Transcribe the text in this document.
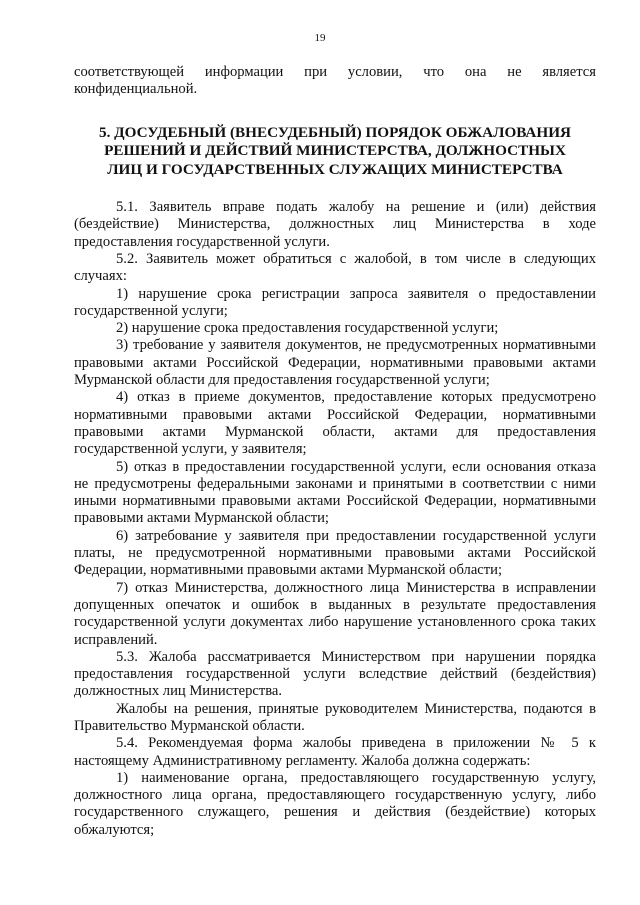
19

соответствующей информации при условии, что она не является конфиденциальной.

5. ДОСУДЕБНЫЙ (ВНЕСУДЕБНЫЙ) ПОРЯДОК ОБЖАЛОВАНИЯ
РЕШЕНИЙ И ДЕЙСТВИЙ МИНИСТЕРСТВА, ДОЛЖНОСТНЫХ
ЛИЦ И ГОСУДАРСТВЕННЫХ СЛУЖАЩИХ МИНИСТЕРСТВА

5.1. Заявитель вправе подать жалобу на решение и (или) действия (бездействие) Министерства, должностных лиц Министерства в ходе предоставления государственной услуги.

5.2. Заявитель может обратиться с жалобой, в том числе в следующих случаях:

1) нарушение срока регистрации запроса заявителя о предоставлении государственной услуги;

2) нарушение срока предоставления государственной услуги;

3) требование у заявителя документов, не предусмотренных нормативными правовыми актами Российской Федерации, нормативными правовыми актами Мурманской области для предоставления государственной услуги;

4) отказ в приеме документов, предоставление которых предусмотрено нормативными правовыми актами Российской Федерации, нормативными правовыми актами Мурманской области, актами для предоставления государственной услуги, у заявителя;

5) отказ в предоставлении государственной услуги, если основания отказа не предусмотрены федеральными законами и принятыми в соответствии с ними иными нормативными правовыми актами Российской Федерации, нормативными правовыми актами Мурманской области;

6) затребование у заявителя при предоставлении государственной услуги платы, не предусмотренной нормативными правовыми актами Российской Федерации, нормативными правовыми актами Мурманской области;

7) отказ Министерства, должностного лица Министерства в исправлении допущенных опечаток и ошибок в выданных в результате предоставления государственной услуги документах либо нарушение установленного срока таких исправлений.

5.3. Жалоба рассматривается Министерством при нарушении порядка предоставления государственной услуги вследствие действий (бездействия) должностных лиц Министерства.

Жалобы на решения, принятые руководителем Министерства, подаются в Правительство Мурманской области.

5.4. Рекомендуемая форма жалобы приведена в приложении № 5 к настоящему Административному регламенту. Жалоба должна содержать:

1) наименование органа, предоставляющего государственную услугу, должностного лица органа, предоставляющего государственную услугу, либо государственного служащего, решения и действия (бездействие) которых обжалуются;
